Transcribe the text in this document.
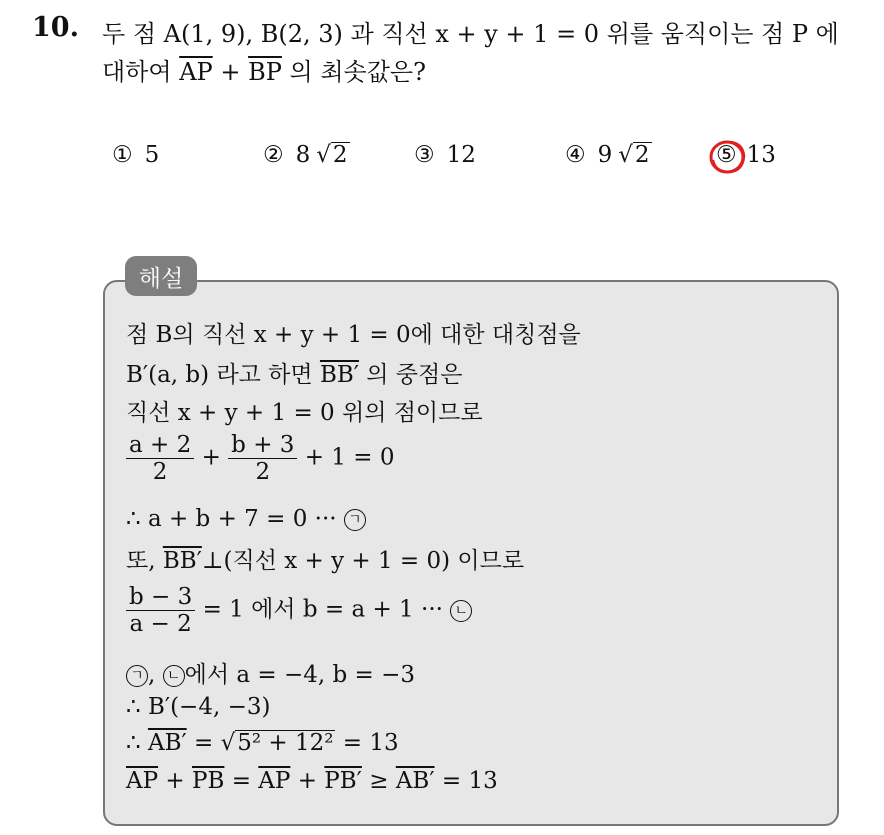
10. 두 점 A(1, 9), B(2, 3) 과 직선 x + y + 1 = 0 위를 움직이는 점 P 에
대하여 $\overline{AP} + \overline{BP}$ 의 최솟값은?
① 5	② 8 √ 2	③ 12	④ 9 √ 2	⑤ 13
해설
점 B의 직선 x + y + 1 = 0에 대한 대칭점을
B′(a, b) 라고 하면 BB′ 의 중점은
직선 x + y + 1 = 0 위의 점이므로
$\frac{a + 2}{2} + \frac{b + 3}{2} + 1 = 0$
∴ a + b + 7 = 0 ··· ㄱ
또, BB′⊥(직선 x + y + 1 = 0) 이므로
$\frac{b - 3}{a - 2} = 1$ 에서 b = a + 1 ··· ㄴ
ㄱ , ㄴ 에서 a = −4, b = −3
∴ B′(−4, −3)
∴ AB′ = √5² + 12² = 13
$\overline{AP} + \overline{PB} = \overline{AP} + PB' \ge AB' = 13$
